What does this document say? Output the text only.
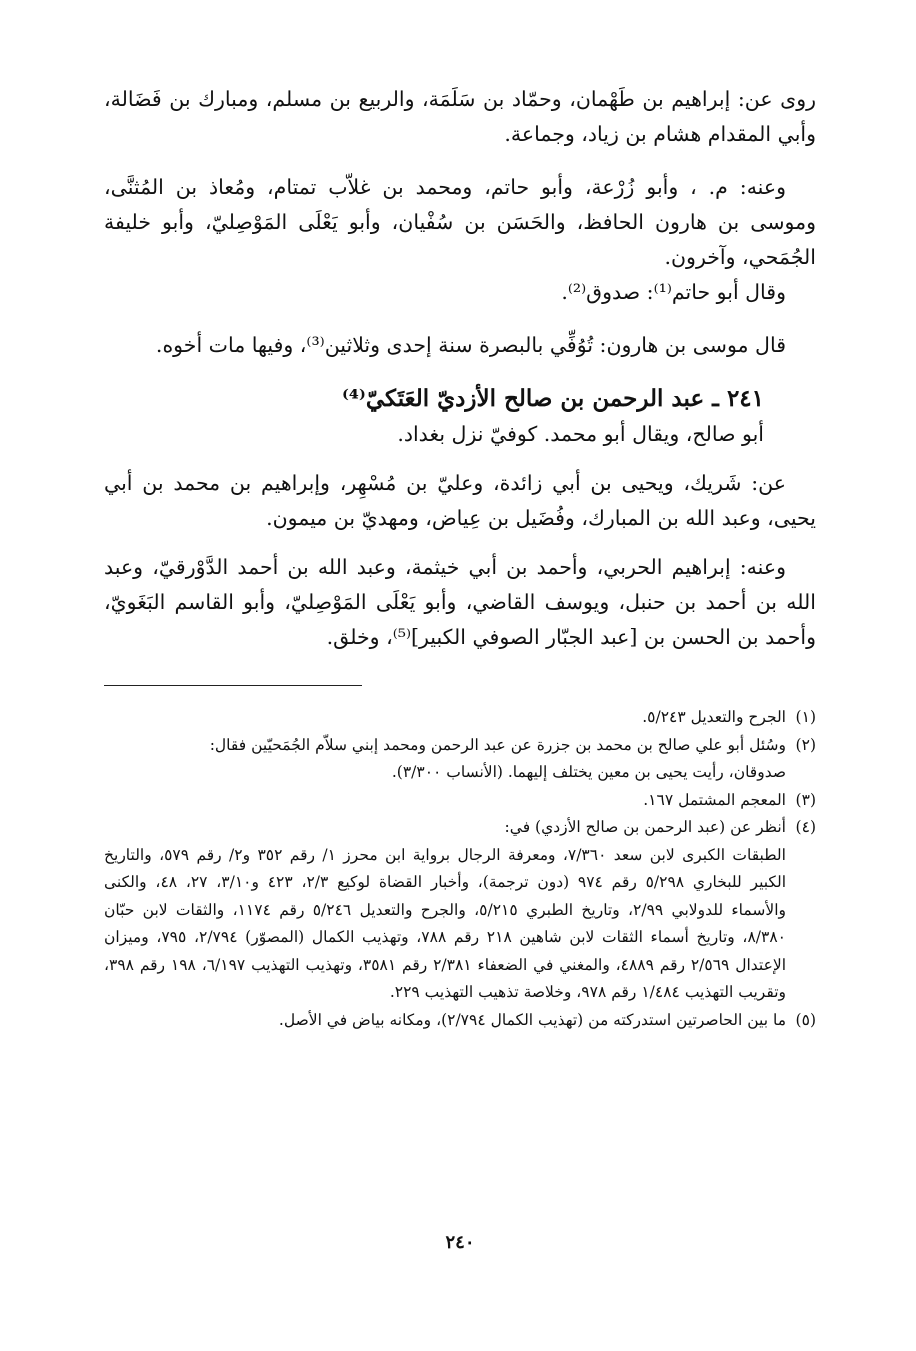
روى عن: إبراهيم بن طَهْمان، وحمّاد بن سَلَمَة، والربيع بن مسلم، ومبارك بن فَضَالة، وأبي المقدام هشام بن زياد، وجماعة.

وعنه: م. ، وأبو زُرْعة، وأبو حاتم، ومحمد بن غلاّب تمتام، ومُعاذ بن المُثنَّى، وموسى بن هارون الحافظ، والحَسَن بن سُفْيان، وأبو يَعْلَى المَوْصِليّ، وأبو خليفة الجُمَحي، وآخرون.

وقال أبو حاتم⁽¹⁾: صدوق⁽²⁾.

قال موسى بن هارون: تُوُفِّي بالبصرة سنة إحدى وثلاثين⁽³⁾، وفيها مات أخوه.

٢٤١ ـ عبد الرحمن بن صالح الأزديّ العَتَكيّ⁽⁴⁾

أبو صالح، ويقال أبو محمد. كوفيّ نزل بغداد.

عن: شَريك، ويحيى بن أبي زائدة، وعليّ بن مُسْهِر، وإبراهيم بن محمد بن أبي يحيى، وعبد الله بن المبارك، وفُضَيل بن عِياض، ومهديّ بن ميمون.

وعنه: إبراهيم الحربي، وأحمد بن أبي خيثمة، وعبد الله بن أحمد الدَّوْرقيّ، وعبد الله بن أحمد بن حنبل، ويوسف القاضي، وأبو يَعْلَى المَوْصِليّ، وأبو القاسم البَغَويّ، وأحمد بن الحسن بن [عبد الجبّار الصوفي الكبير]⁽⁵⁾، وخلق.

(١)
الجرح والتعديل ٥/٢٤٣.
(٢)
وسُئل أبو علي صالح بن محمد بن جزرة عن عبد الرحمن ومحمد إبني سلاّم الجُمَحيّين فقال:
صدوقان، رأيت يحيى بن معين يختلف إليهما. (الأنساب ٣/٣٠٠).
(٣)
المعجم المشتمل ١٦٧.
(٤)
أنظر عن (عبد الرحمن بن صالح الأزدي) في:
الطبقات الكبرى لابن سعد ٧/٣٦٠، ومعرفة الرجال برواية ابن محرز ١/ رقم ٣٥٢ و٢/ رقم ٥٧٩، والتاريخ الكبير للبخاري ٥/٢٩٨ رقم ٩٧٤ (دون ترجمة)، وأخبار القضاة لوكيع ٢/٣، ٤٢٣ و٣/١٠، ٢٧، ٤٨، والكنى والأسماء للدولابي ٢/٩٩، وتاريخ الطبري ٥/٢١٥، والجرح والتعديل ٥/٢٤٦ رقم ١١٧٤، والثقات لابن حبّان ٨/٣٨٠، وتاريخ أسماء الثقات لابن شاهين ٢١٨ رقم ٧٨٨، وتهذيب الكمال (المصوّر) ٢/٧٩٤، ٧٩٥، وميزان الإعتدال ٢/٥٦٩ رقم ٤٨٨٩، والمغني في الضعفاء ٢/٣٨١ رقم ٣٥٨١، وتهذيب التهذيب ٦/١٩٧، ١٩٨ رقم ٣٩٨، وتقريب التهذيب ١/٤٨٤ رقم ٩٧٨، وخلاصة تذهيب التهذيب ٢٢٩.
(٥)
ما بين الحاصرتين استدركته من (تهذيب الكمال ٢/٧٩٤)، ومكانه بياض في الأصل.
٢٤٠
